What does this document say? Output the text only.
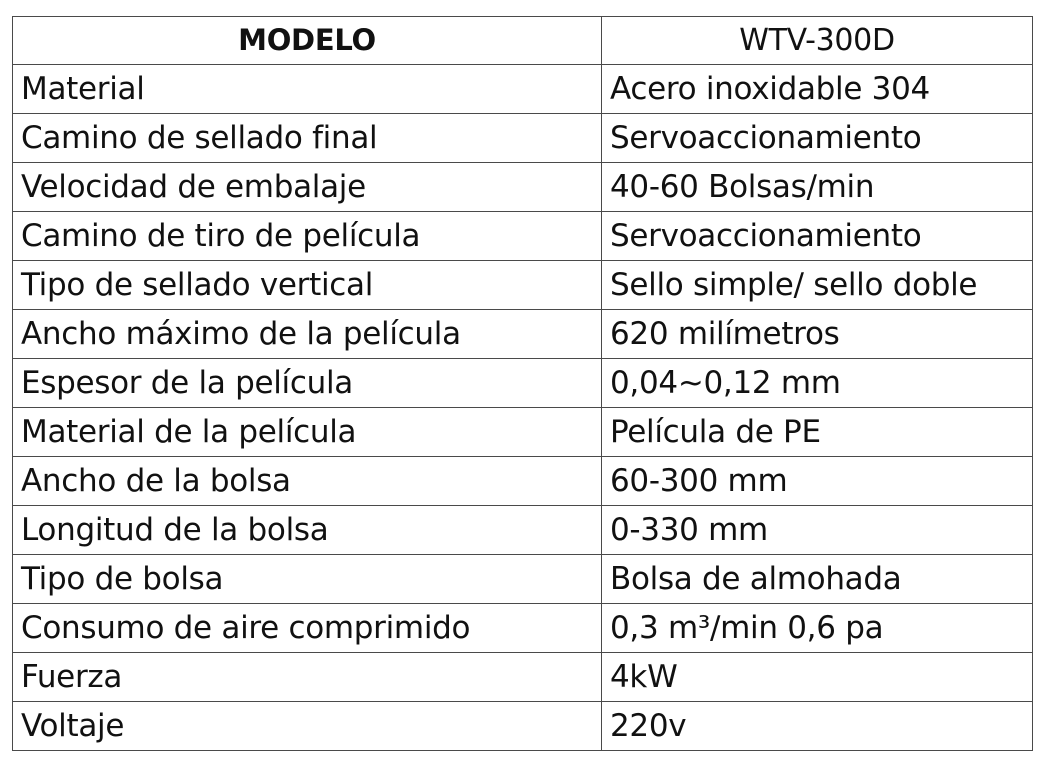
MODELO	WTV-300D
Material	Acero inoxidable 304
Camino de sellado final	Servoaccionamiento
Velocidad de embalaje	40-60 Bolsas/min
Camino de tiro de película	Servoaccionamiento
Tipo de sellado vertical	Sello simple/ sello doble
Ancho máximo de la película	620 milímetros
Espesor de la película	0,04~0,12 mm
Material de la película	Película de PE
Ancho de la bolsa	60-300 mm
Longitud de la bolsa	0-330 mm
Tipo de bolsa	Bolsa de almohada
Consumo de aire comprimido	0,3 m³/min 0,6 pa
Fuerza	4kW
Voltaje	220v
